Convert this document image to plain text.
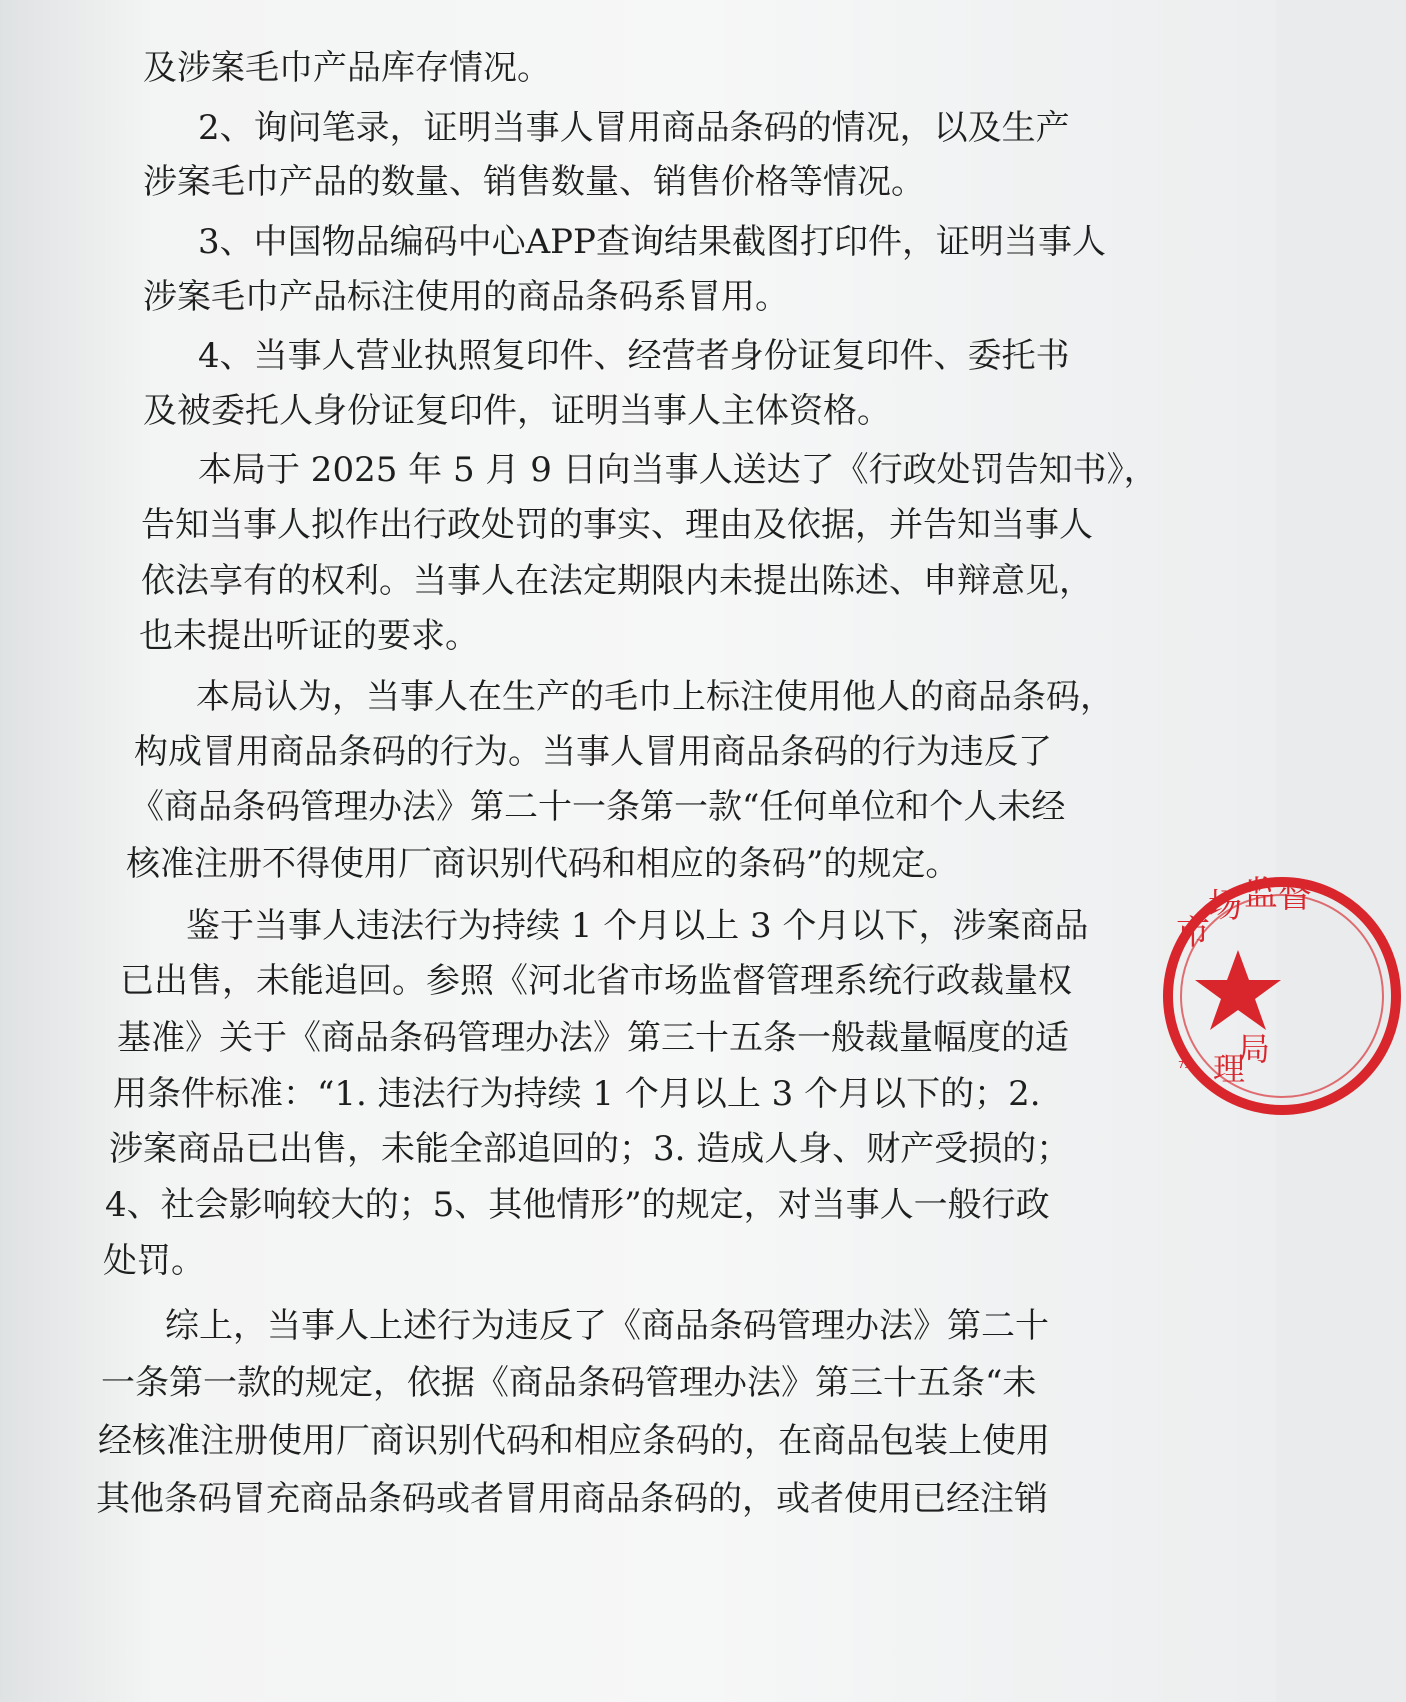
及涉案毛巾产品库存情况。
2、询问笔录，证明当事人冒用商品条码的情况，以及生产
涉案毛巾产品的数量、销售数量、销售价格等情况。
3、中国物品编码中心APP查询结果截图打印件，证明当事人
涉案毛巾产品标注使用的商品条码系冒用。
4、当事人营业执照复印件、经营者身份证复印件、委托书
及被委托人身份证复印件，证明当事人主体资格。
本局于 2025 年 5 月 9 日向当事人送达了《行政处罚告知书》，
告知当事人拟作出行政处罚的事实、理由及依据，并告知当事人
依法享有的权利。当事人在法定期限内未提出陈述、申辩意见，
也未提出听证的要求。
本局认为，当事人在生产的毛巾上标注使用他人的商品条码，
构成冒用商品条码的行为。当事人冒用商品条码的行为违反了
《商品条码管理办法》第二十一条第一款“任何单位和个人未经
核准注册不得使用厂商识别代码和相应的条码”的规定。
鉴于当事人违法行为持续 1 个月以上 3 个月以下，涉案商品
已出售，未能追回。参照《河北省市场监督管理系统行政裁量权
基准》关于《商品条码管理办法》第三十五条一般裁量幅度的适
用条件标准：“1. 违法行为持续 1 个月以上 3 个月以下的；2.
涉案商品已出售，未能全部追回的；3. 造成人身、财产受损的；
4、社会影响较大的；5、其他情形”的规定，对当事人一般行政
处罚。
综上，当事人上述行为违反了《商品条码管理办法》第二十
一条第一款的规定，依据《商品条码管理办法》第三十五条“未
经核准注册使用厂商识别代码和相应条码的，在商品包装上使用
其他条码冒充商品条码或者冒用商品条码的，或者使用已经注销
市
场 监 督
75 理
局
